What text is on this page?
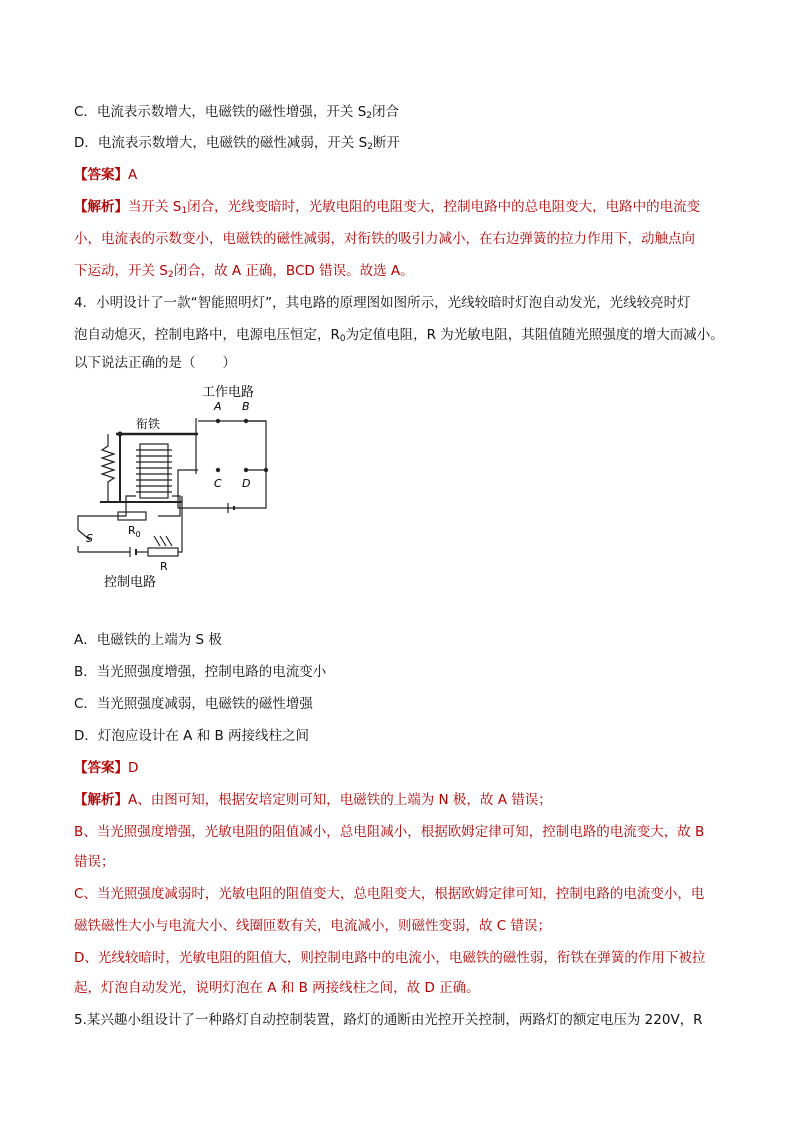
C．电流表示数增大，电磁铁的磁性增强，开关 $S_2$闭合
D．电流表示数增大，电磁铁的磁性减弱，开关 $S_2$断开
【答案】A
【解析】当开关 $S_1$闭合，光线变暗时，光敏电阻的电阻变大，控制电路中的总电阻变大，电路中的电流变
小，电流表的示数变小，电磁铁的磁性减弱，对衔铁的吸引力减小，在右边弹簧的拉力作用下，动触点向
下运动，开关 $S_2$闭合，故 A 正确，BCD 错误。故选 A。
4．小明设计了一款“智能照明灯”，其电路的原理图如图所示，光线较暗时灯泡自动发光，光线较亮时灯
泡自动熄灭，控制电路中，电源电压恒定，$R_0$为定值电阻，R 为光敏电阻，其阻值随光照强度的增大而减小。
以下说法正确的是（　　）
工作电路
A B
衔铁
C D
$R_0$
S
R
控制电路
A．电磁铁的上端为 S 极
B．当光照强度增强，控制电路的电流变小
C．当光照强度减弱，电磁铁的磁性增强
D．灯泡应设计在 A 和 B 两接线柱之间
【答案】D
【解析】A、由图可知，根据安培定则可知，电磁铁的上端为 N 极，故 A 错误；
B、当光照强度增强，光敏电阻的阻值减小，总电阻减小，根据欧姆定律可知，控制电路的电流变大，故 B
错误；
C、当光照强度减弱时，光敏电阻的阻值变大，总电阻变大，根据欧姆定律可知，控制电路的电流变小，电
磁铁磁性大小与电流大小、线圈匝数有关，电流减小，则磁性变弱，故 C 错误；
D、光线较暗时，光敏电阻的阻值大，则控制电路中的电流小，电磁铁的磁性弱，衔铁在弹簧的作用下被拉
起，灯泡自动发光，说明灯泡在 A 和 B 两接线柱之间，故 D 正确。
5.某兴趣小组设计了一种路灯自动控制装置，路灯的通断由光控开关控制，两路灯的额定电压为 220V，R
